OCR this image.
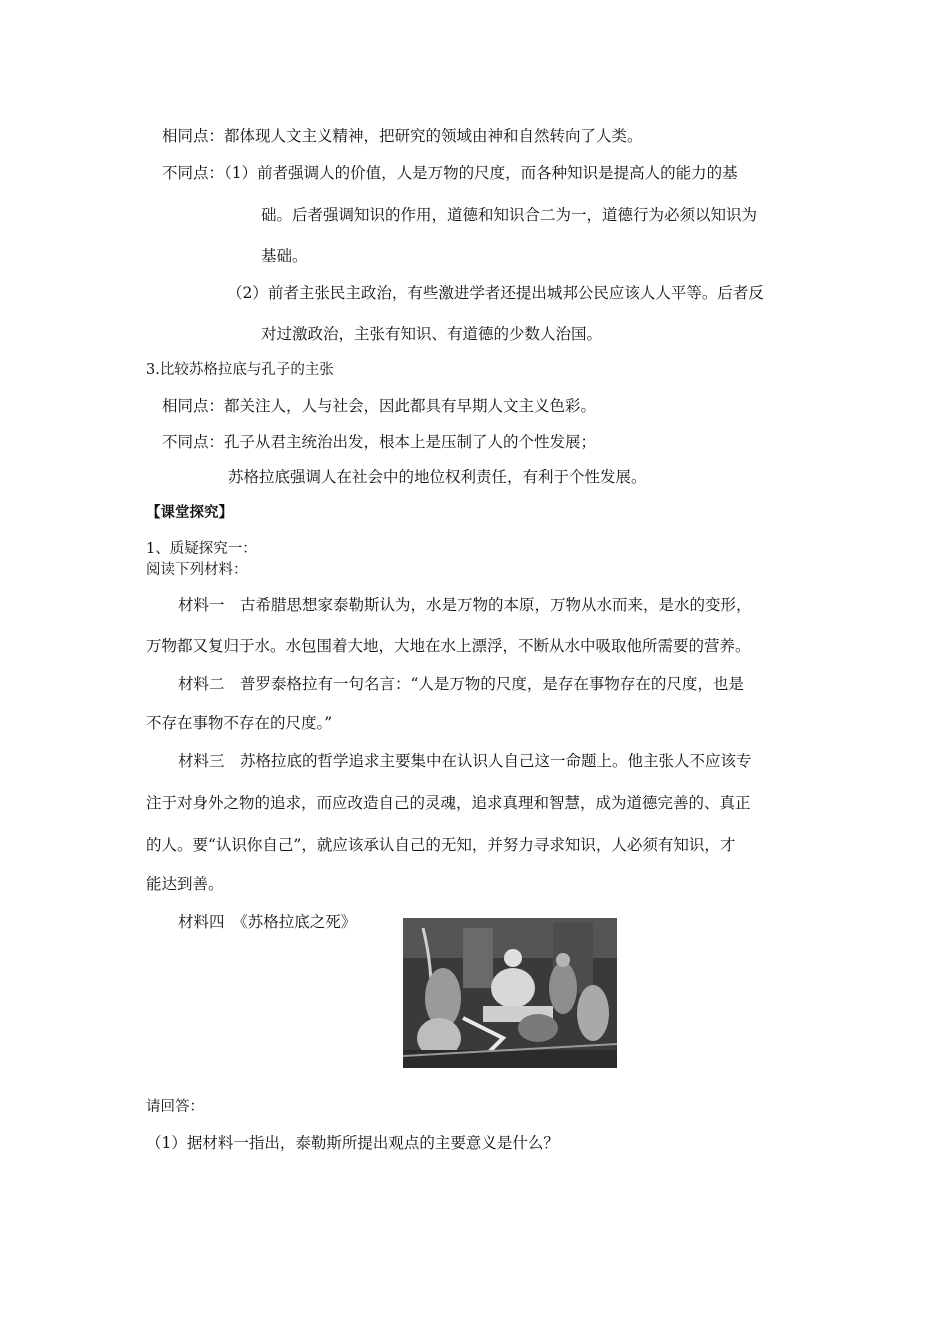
相同点：都体现人文主义精神，把研究的领域由神和自然转向了人类。
不同点：（1）前者强调人的价值，人是万物的尺度，而各种知识是提高人的能力的基
础。后者强调知识的作用，道德和知识合二为一，道德行为必须以知识为
基础。
（2）前者主张民主政治，有些激进学者还提出城邦公民应该人人平等。后者反
对过激政治，主张有知识、有道德的少数人治国。
3.比较苏格拉底与孔子的主张
相同点：都关注人，人与社会，因此都具有早期人文主义色彩。
不同点：孔子从君主统治出发，根本上是压制了人的个性发展；
苏格拉底强调人在社会中的地位权利责任，有利于个性发展。
【课堂探究】
1、质疑探究一：
阅读下列材料：
材料一　古希腊思想家泰勒斯认为，水是万物的本原，万物从水而来，是水的变形，
万物都又复归于水。水包围着大地，大地在水上漂浮，不断从水中吸取他所需要的营养。
材料二　普罗泰格拉有一句名言：“人是万物的尺度，是存在事物存在的尺度，也是
不存在事物不存在的尺度。”
材料三　苏格拉底的哲学追求主要集中在认识人自己这一命题上。他主张人不应该专
注于对身外之物的追求，而应改造自己的灵魂，追求真理和智慧，成为道德完善的、真正
的人。要“认识你自己”，就应该承认自己的无知，并努力寻求知识，人必须有知识，才
能达到善。
材料四　《苏格拉底之死》
请回答：
（1）据材料一指出，泰勒斯所提出观点的主要意义是什么？
